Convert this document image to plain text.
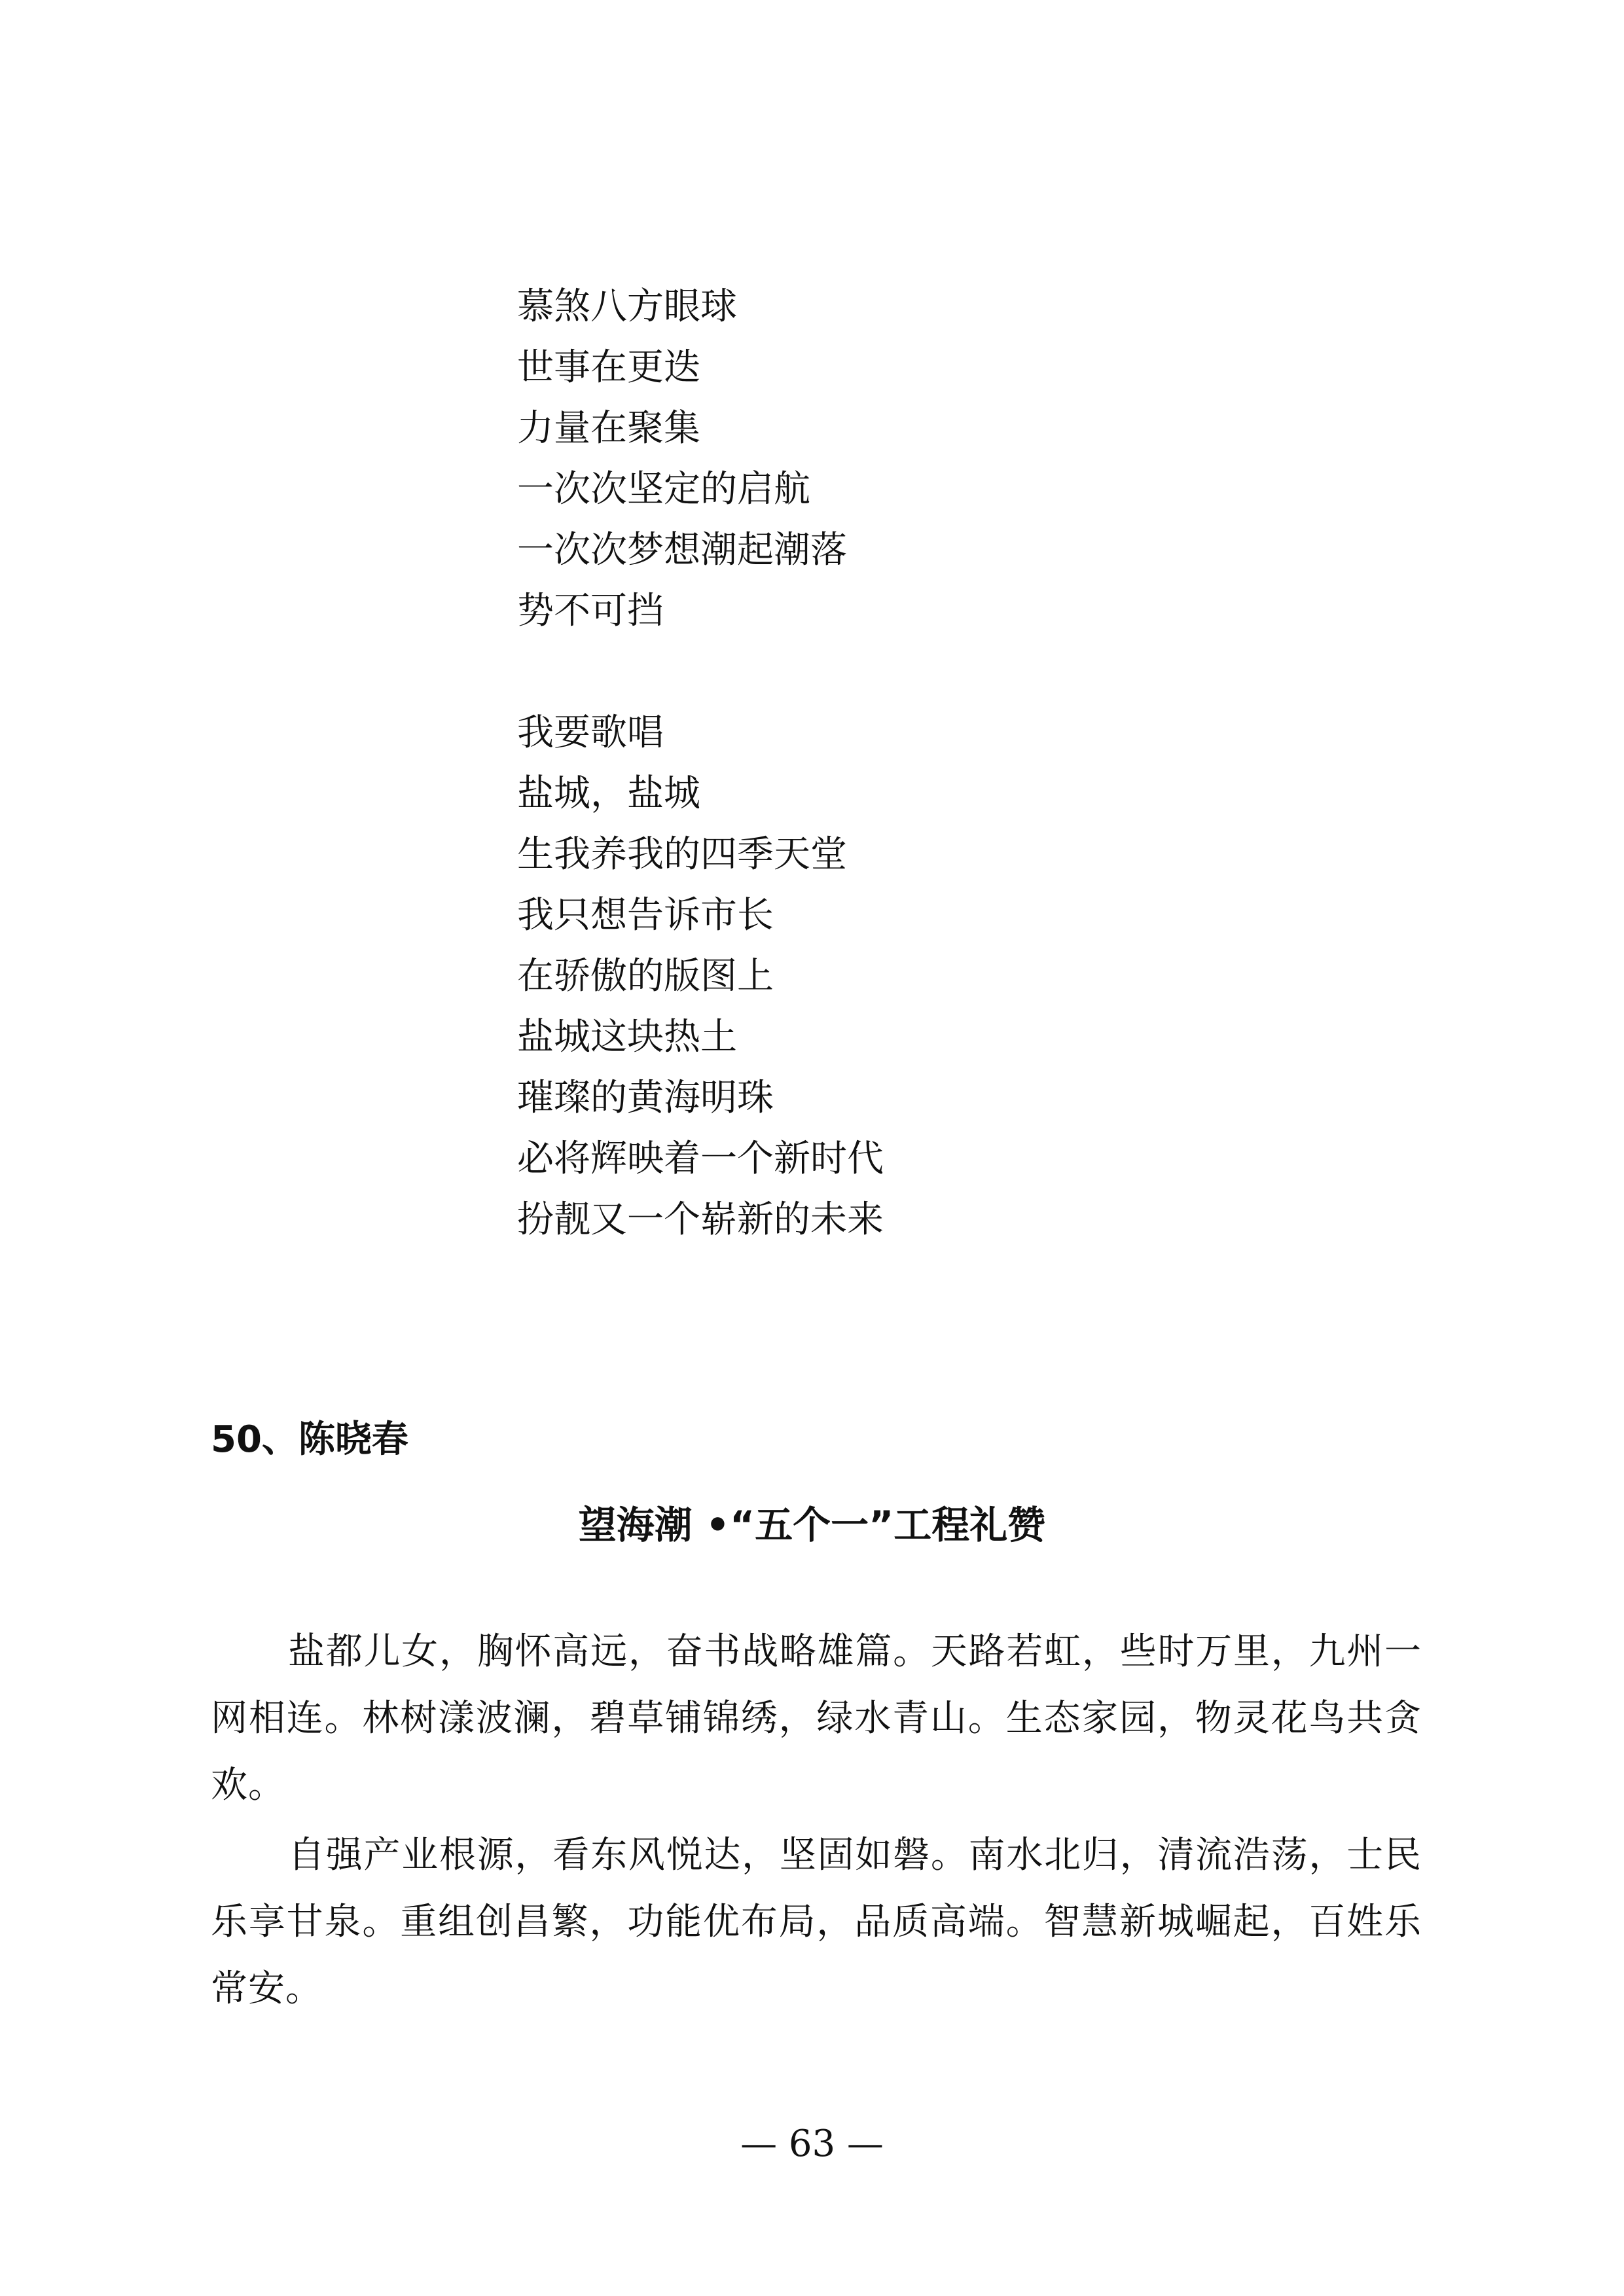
慕煞八方眼球
世事在更迭
力量在聚集
一次次坚定的启航
一次次梦想潮起潮落
势不可挡
我要歌唱
盐城，盐城
生我养我的四季天堂
我只想告诉市长
在骄傲的版图上
盐城这块热土
璀璨的黄海明珠
必将辉映着一个新时代
扮靓又一个崭新的未来
50、陈晓春
望海潮 •“五个一”工程礼赞

盐都儿女，胸怀高远，奋书战略雄篇。天路若虹，些时万里，九州一网相连。林树漾波澜，碧草铺锦绣，绿水青山。生态家园，物灵花鸟共贪欢。

自强产业根源，看东风悦达，坚固如磐。南水北归，清流浩荡，士民乐享甘泉。重组创昌繁，功能优布局，品质高端。智慧新城崛起，百姓乐常安。

— 63 —
